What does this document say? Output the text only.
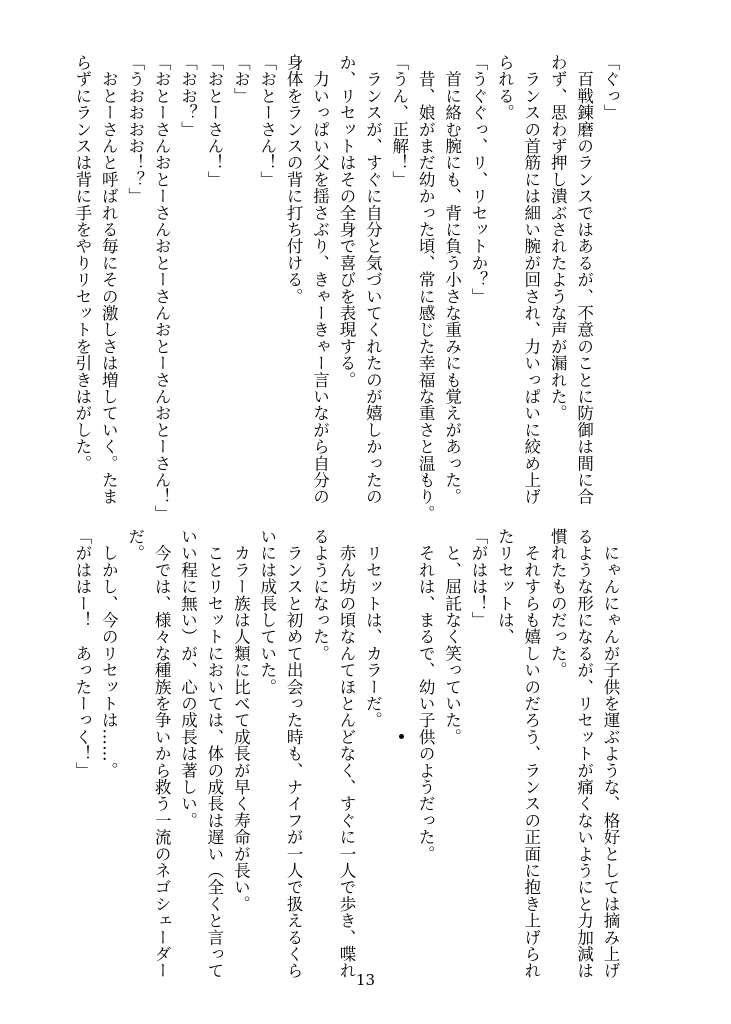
「ぐっ」
　百戦錬磨のランスではあるが、不意のことに防御は間に合
わず、思わず押し潰ぶされたような声が漏れた。
　ランスの首筋には細い腕が回され、力いっぱいに絞め上げ
られる。
「うぐぐっ、リ、リセットか？」
　首に絡む腕にも、背に負う小さな重みにも覚えがあった。
　昔、娘がまだ幼かった頃、常に感じた幸福な重さと温もり。
「うん、正解！」
　ランスが、すぐに自分と気づいてくれたのが嬉しかったの
か、リセットはその全身で喜びを表現する。
　力いっぱい父を揺さぶり、きゃーきゃー言いながら自分の
身体をランスの背に打ち付ける。
「おとーさん！」
「お」
「おとーさん！」
「おお？」
「おとーさんおとーさんおとーさんおとーさんおとーさん！」
「うおおおお！？」
　おとーさんと呼ばれる毎にその激しさは増していく。たま
らずにランスは背に手をやりリセットを引きはがした。
　にゃんにゃんが子供を運ぶような、格好としては摘み上げ
るような形になるが、リセットが痛くないようにと力加減は
慣れたものだった。
　それすらも嬉しいのだろう、ランスの正面に抱き上げられ
たリセットは、
「がはは！」
　と、屈託なく笑っていた。
　それは、まるで、幼い子供のようだった。
　リセットは、カラーだ。
　赤ん坊の頃なんてほとんどなく、すぐに一人で歩き、喋れ
るようになった。
　ランスと初めて出会った時も、ナイフが一人で扱えるくら
いには成長していた。
　カラー族は人類に比べて成長が早く寿命が長い。
　ことリセットにおいては、体の成長は遅い（全くと言って
いい程に無い）が、心の成長は著しい。
　今では、様々な種族を争いから救う一流のネゴシェーダー
だ。
　しかし、今のリセットは……。
「がははー！　あったーっく！」
13
